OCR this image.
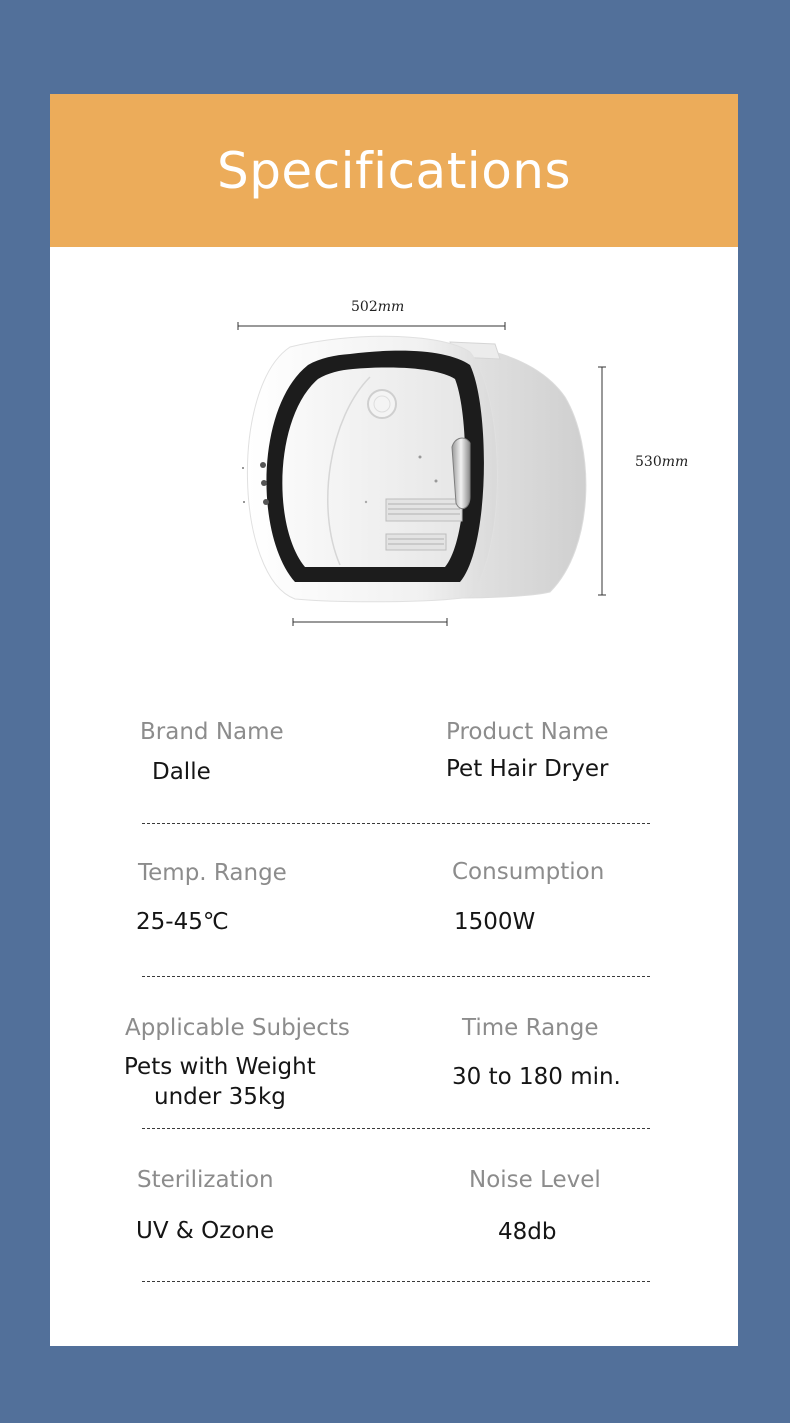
Specifications
502mm
530mm
Brand Name
Dalle
Product Name
Pet Hair Dryer
Temp. Range
25-45℃
Consumption
1500W
Applicable Subjects
Pets with Weight
under 35kg
Time Range
30 to 180 min.
Sterilization
UV & Ozone
Noise Level
48db
